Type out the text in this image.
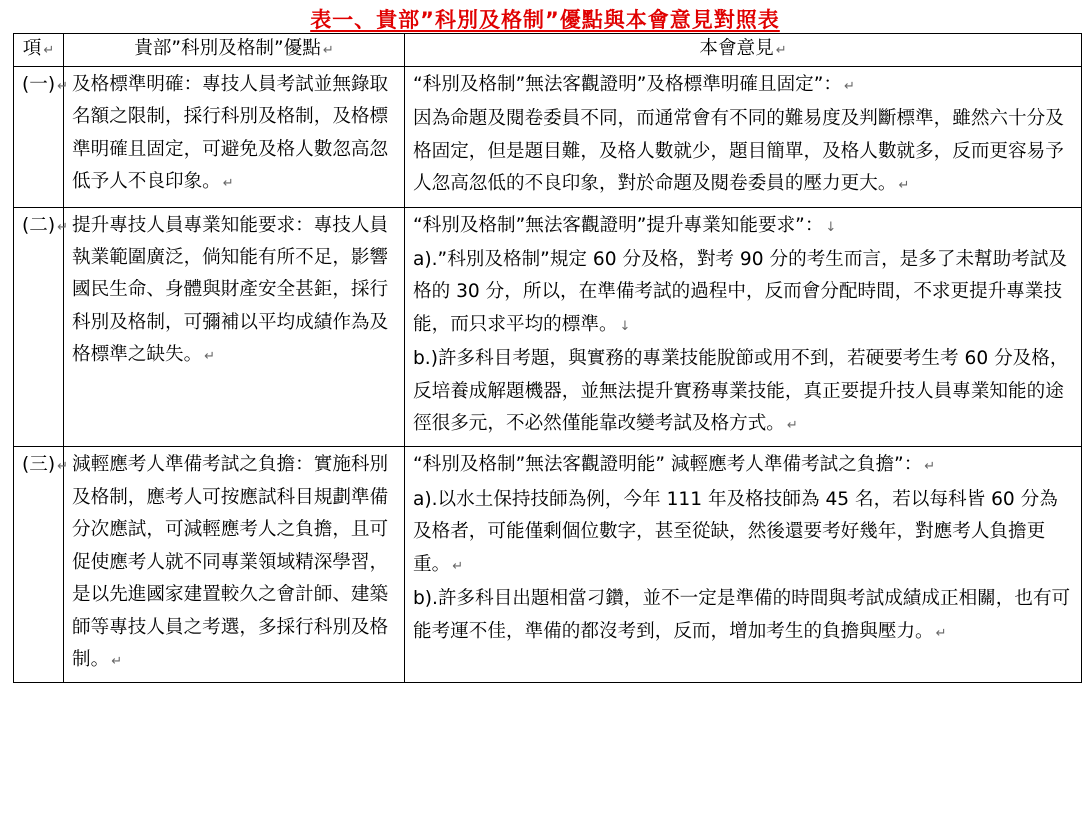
表一、貴部”科別及格制”優點與本會意見對照表
項 ↵	貴部”科別及格制”優點 ↵	本會意見 ↵
(一) ↵	及格標準明確：專技人員考試並無錄取名額之限制，採行科別及格制，及格標準明確且固定，可避免及格人數忽高忽低予人不良印象。 ↵	“科別及格制”無法客觀證明”及格標準明確且固定”： ↵
因為命題及閱卷委員不同，而通常會有不同的難易度及判斷標準，雖然六十分及格固定，但是題目難，及格人數就少，題目簡單，及格人數就多，反而更容易予人忽高忽低的不良印象，對於命題及閱卷委員的壓力更大。 ↵

(二) ↵	提升專技人員專業知能要求：專技人員執業範圍廣泛，倘知能有所不足，影響國民生命、身體與財產安全甚鉅，採行科別及格制，可彌補以平均成績作為及格標準之缺失。 ↵	“科別及格制”無法客觀證明”提升專業知能要求”： ↓
a).”科別及格制”規定 60 分及格，對考 90 分的考生而言，是多了未幫助考試及格的 30 分，所以，在準備考試的過程中，反而會分配時間，不求更提升專業技能，而只求平均的標準。 ↓
b.)許多科目考題，與實務的專業技能脫節或用不到，若硬要考生考 60 分及格，反培養成解題機器，並無法提升實務專業技能，真正要提升技人員專業知能的途徑很多元，不必然僅能靠改變考試及格方式。 ↵

(三) ↵	減輕應考人準備考試之負擔：實施科別及格制，應考人可按應試科目規劃準備分次應試，可減輕應考人之負擔，且可促使應考人就不同專業領域精深學習，是以先進國家建置較久之會計師、建築師等專技人員之考選，多採行科別及格制。 ↵	“科別及格制”無法客觀證明能” 減輕應考人準備考試之負擔”： ↵
a).以水土保持技師為例，今年 111 年及格技師為 45 名，若以每科皆 60 分為及格者，可能僅剩個位數字，甚至從缺，然後還要考好幾年，對應考人負擔更重。 ↵
b).許多科目出題相當刁鑽，並不一定是準備的時間與考試成績成正相關，也有可能考運不佳，準備的都沒考到，反而，增加考生的負擔與壓力。 ↵
